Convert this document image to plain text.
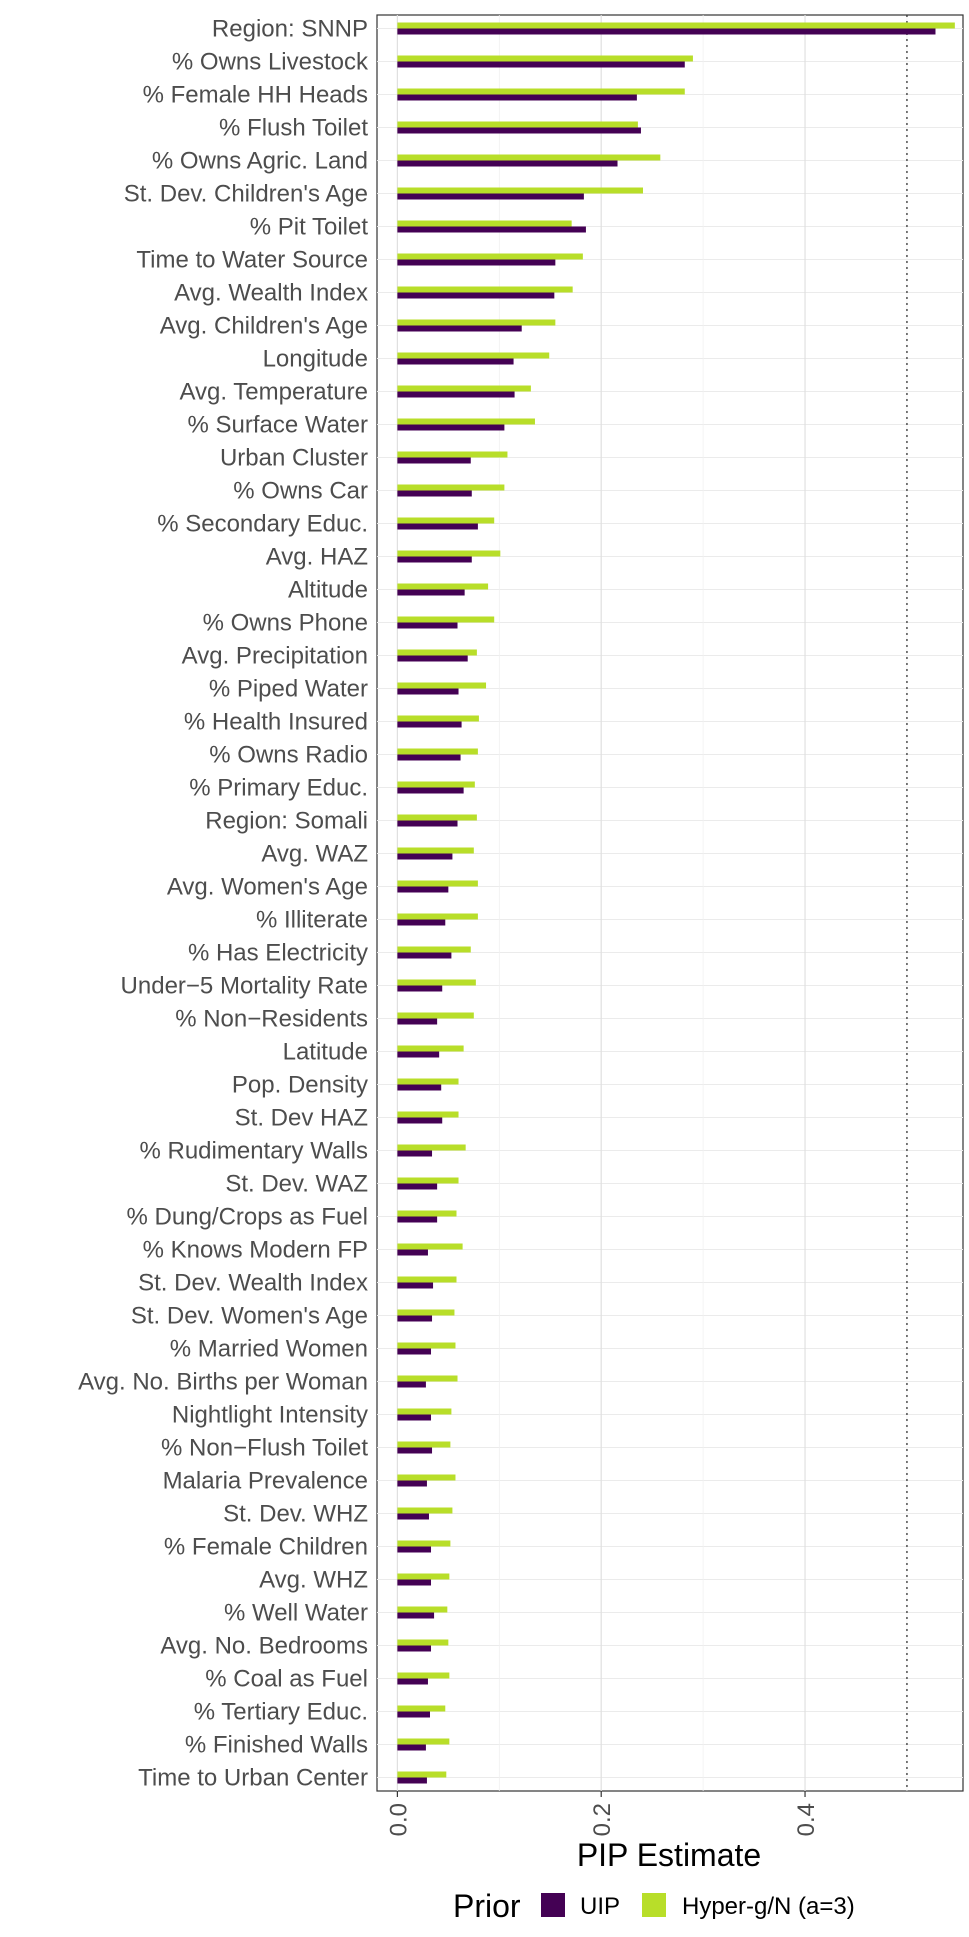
Region: SNNP
% Owns Livestock
% Female HH Heads
% Flush Toilet
% Owns Agric. Land
St. Dev. Children's Age
% Pit Toilet
Time to Water Source
Avg. Wealth Index
Avg. Children's Age
Longitude
Avg. Temperature
% Surface Water
Urban Cluster
% Owns Car
% Secondary Educ.
Avg. HAZ
Altitude
% Owns Phone
Avg. Precipitation
% Piped Water
% Health Insured
% Owns Radio
% Primary Educ.
Region: Somali
Avg. WAZ
Avg. Women's Age
% Illiterate
% Has Electricity
Under−5 Mortality Rate
% Non−Residents
Latitude
Pop. Density
St. Dev HAZ
% Rudimentary Walls
St. Dev. WAZ
% Dung/Crops as Fuel
% Knows Modern FP
St. Dev. Wealth Index
St. Dev. Women's Age
% Married Women
Avg. No. Births per Woman
Nightlight Intensity
% Non−Flush Toilet
Malaria Prevalence
St. Dev. WHZ
% Female Children
Avg. WHZ
% Well Water
Avg. No. Bedrooms
% Coal as Fuel
% Tertiary Educ.
% Finished Walls
Time to Urban Center
0.0	0.2	0.4
PIP Estimate
Prior UIP	Hyper-g/N (a=3)
